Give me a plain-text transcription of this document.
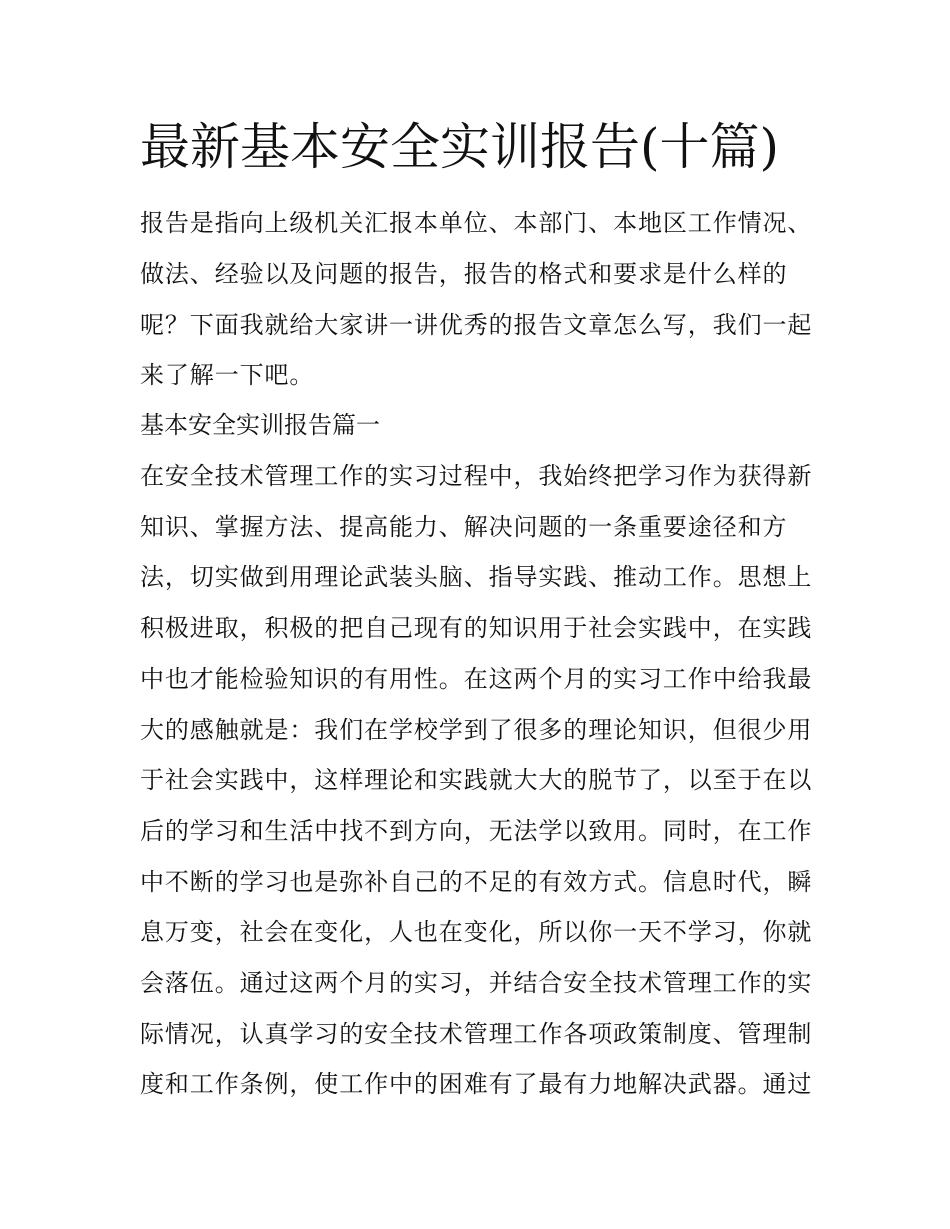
最新基本安全实训报告(十篇)

报告是指向上级机关汇报本单位、本部门、本地区工作情况、

做法、经验以及问题的报告，报告的格式和要求是什么样的

呢？下面我就给大家讲一讲优秀的报告文章怎么写，我们一起

来了解一下吧。

基本安全实训报告篇一

在安全技术管理工作的实习过程中，我始终把学习作为获得新

知识、掌握方法、提高能力、解决问题的一条重要途径和方

法，切实做到用理论武装头脑、指导实践、推动工作。思想上

积极进取，积极的把自己现有的知识用于社会实践中，在实践

中也才能检验知识的有用性。在这两个月的实习工作中给我最

大的感触就是：我们在学校学到了很多的理论知识，但很少用

于社会实践中，这样理论和实践就大大的脱节了，以至于在以

后的学习和生活中找不到方向，无法学以致用。同时，在工作

中不断的学习也是弥补自己的不足的有效方式。信息时代，瞬

息万变，社会在变化，人也在变化，所以你一天不学习，你就

会落伍。通过这两个月的实习，并结合安全技术管理工作的实

际情况，认真学习的安全技术管理工作各项政策制度、管理制

度和工作条例，使工作中的困难有了最有力地解决武器。通过
